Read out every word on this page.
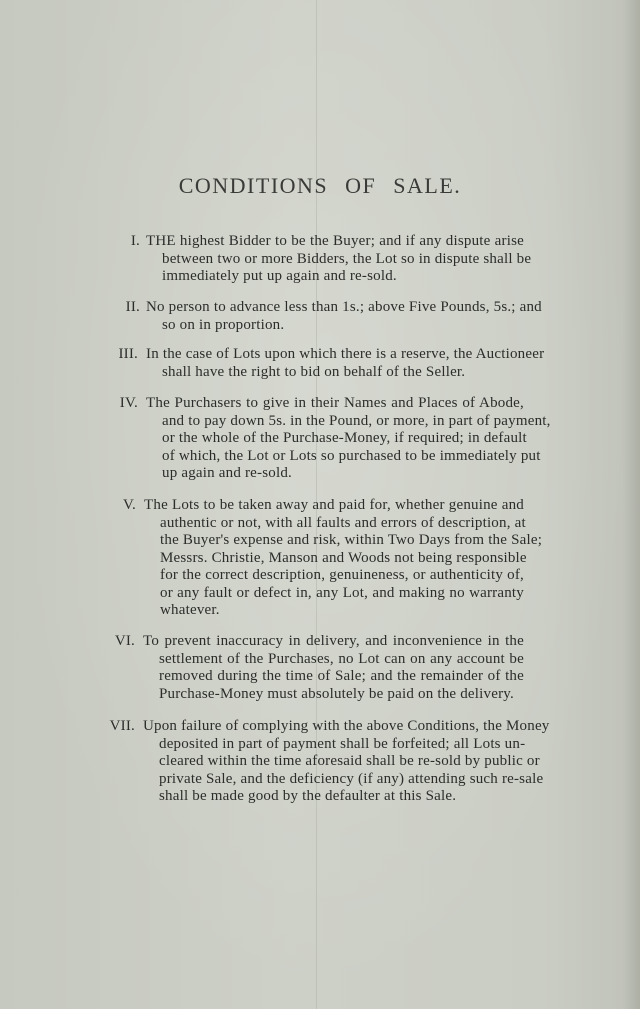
CONDITIONS OF SALE.
I. THE highest Bidder to be the Buyer; and if any dispute arise
between two or more Bidders, the Lot so in dispute shall be
immediately put up again and re-sold.
II. No person to advance less than 1s.; above Five Pounds, 5s.; and
so on in proportion.
III. In the case of Lots upon which there is a reserve, the Auctioneer
shall have the right to bid on behalf of the Seller.
IV. The Purchasers to give in their Names and Places of Abode,
and to pay down 5s. in the Pound, or more, in part of payment,
or the whole of the Purchase-Money, if required; in default
of which, the Lot or Lots so purchased to be immediately put
up again and re-sold.
V. The Lots to be taken away and paid for, whether genuine and
authentic or not, with all faults and errors of description, at
the Buyer's expense and risk, within Two Days from the Sale;
Messrs. Christie, Manson and Woods not being responsible
for the correct description, genuineness, or authenticity of,
or any fault or defect in, any Lot, and making no warranty
whatever.
VI. To prevent inaccuracy in delivery, and inconvenience in the
settlement of the Purchases, no Lot can on any account be
removed during the time of Sale; and the remainder of the
Purchase-Money must absolutely be paid on the delivery.
VII. Upon failure of complying with the above Conditions, the Money
deposited in part of payment shall be forfeited; all Lots un-
cleared within the time aforesaid shall be re-sold by public or
private Sale, and the deficiency (if any) attending such re-sale
shall be made good by the defaulter at this Sale.
